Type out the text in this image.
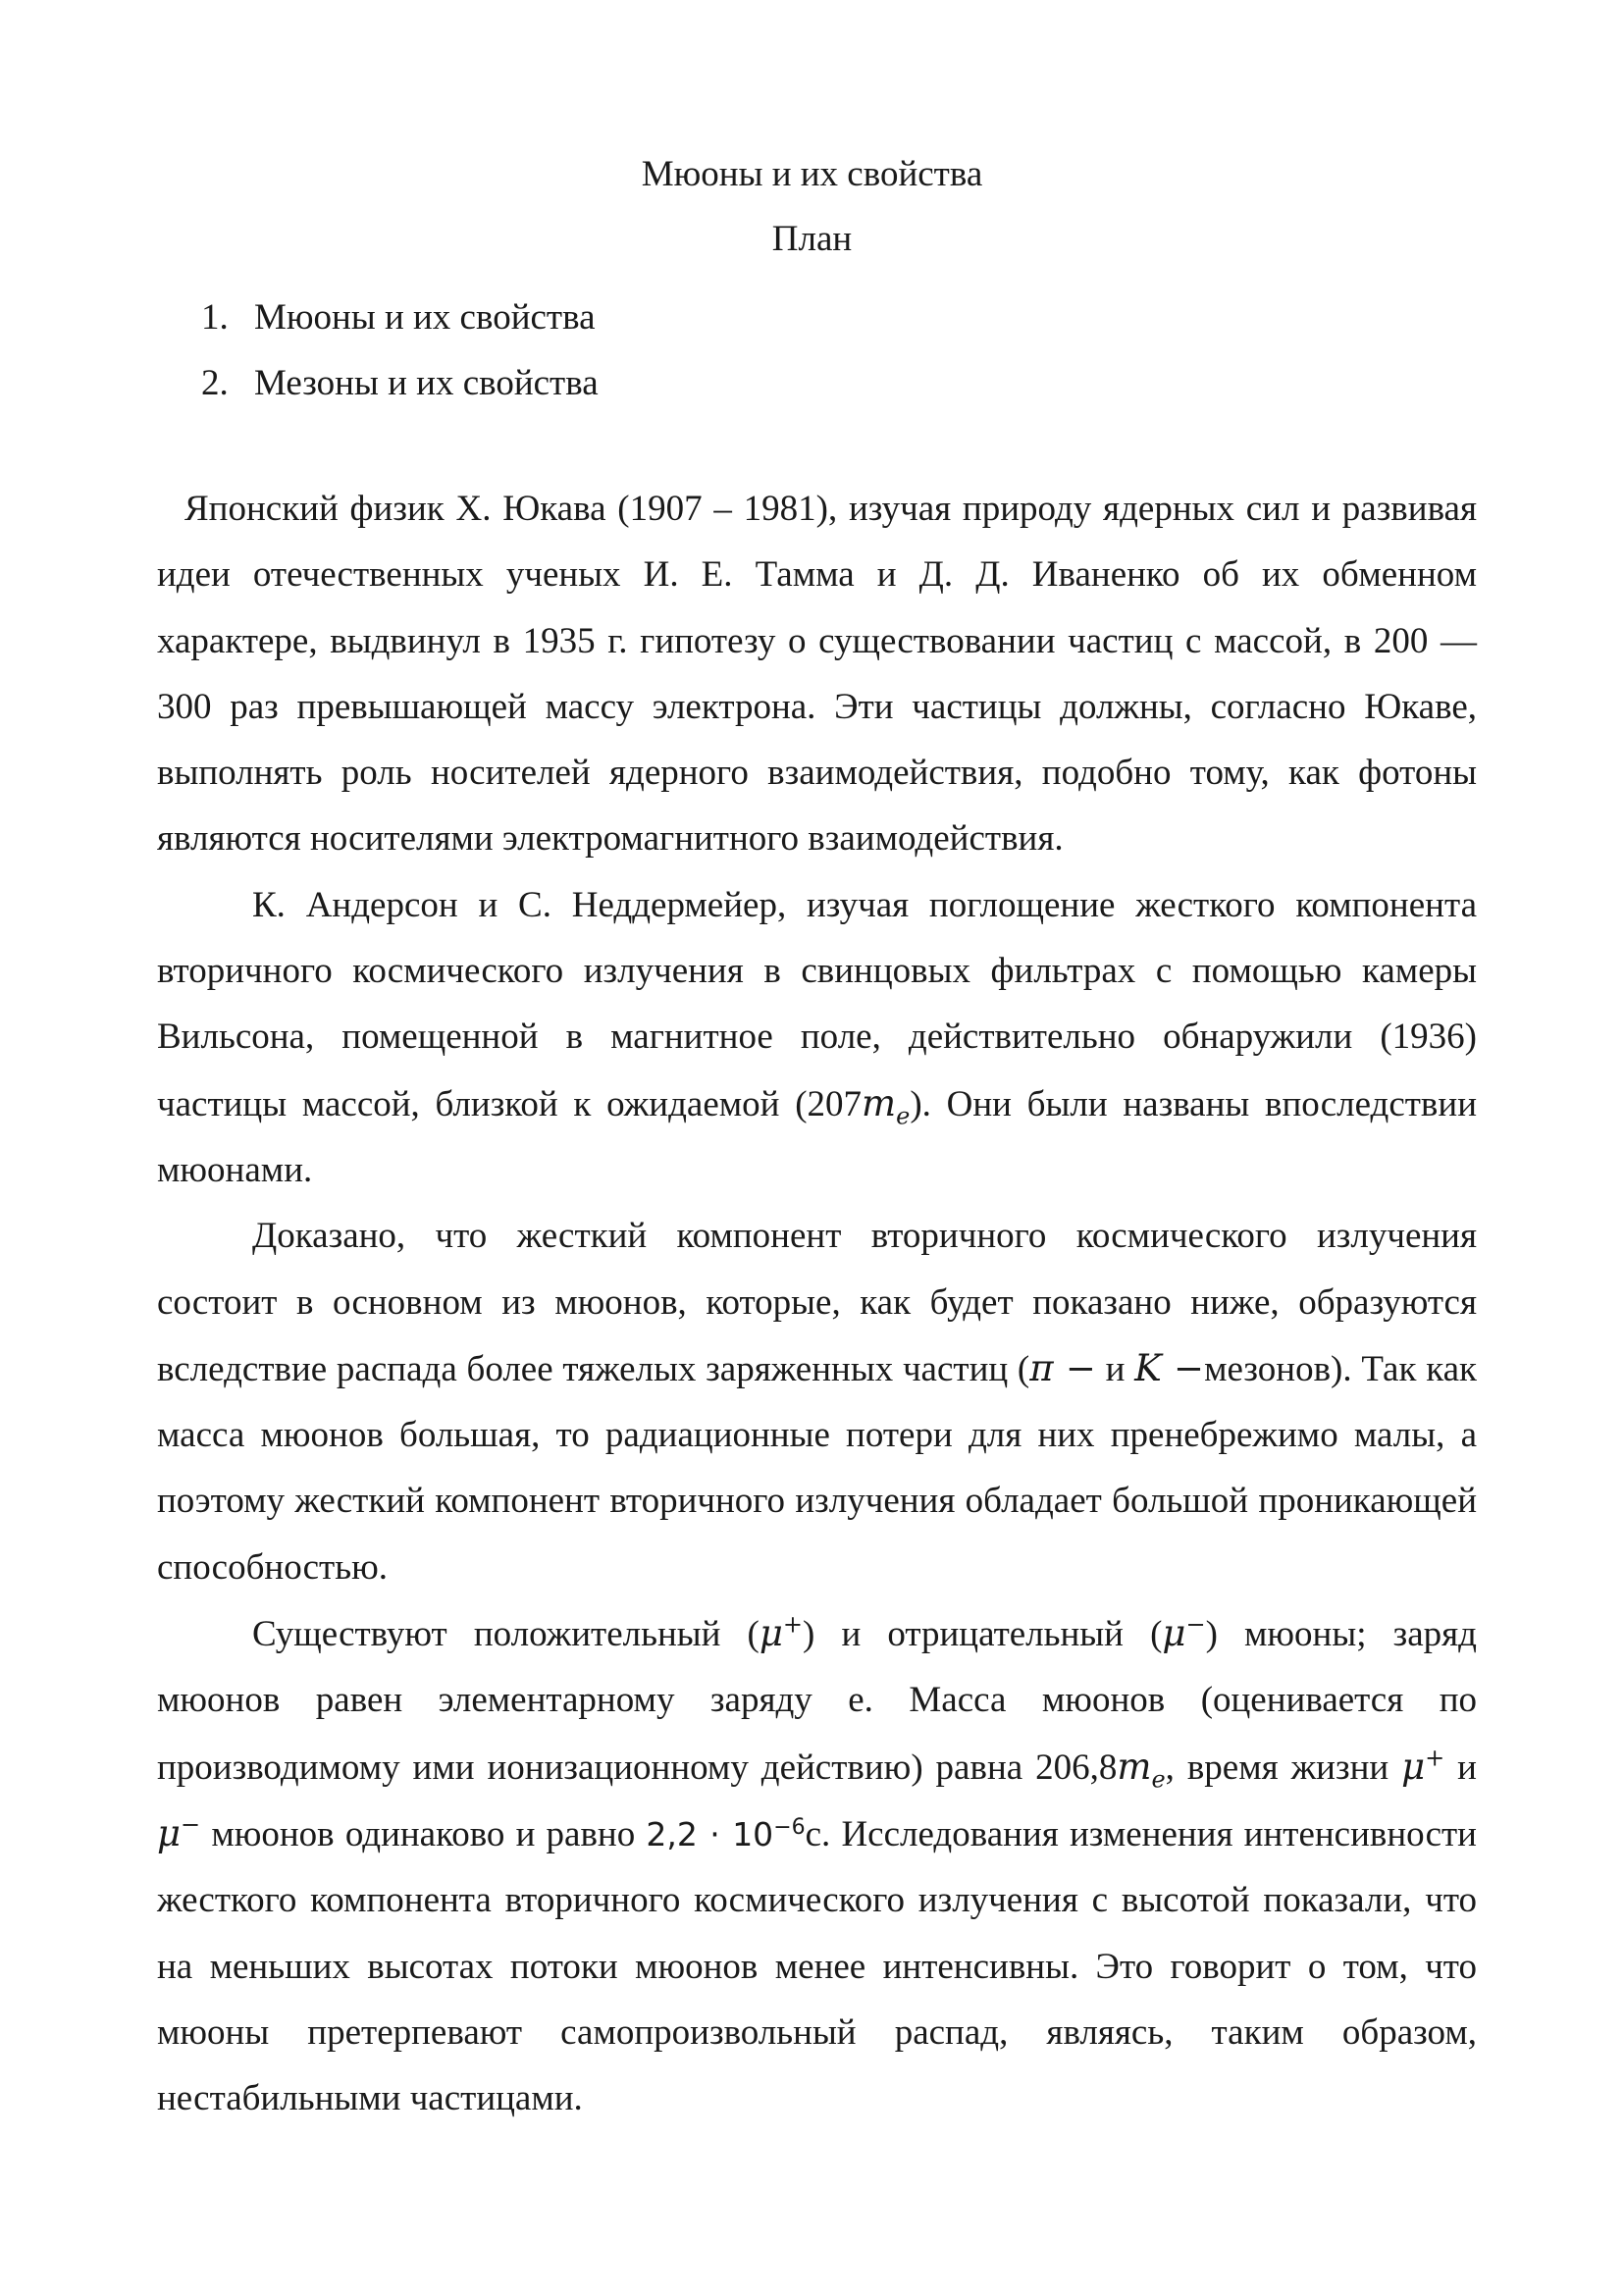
Мюоны и их свойства
План
1. Мюоны и их свойства
2. Мезоны и их свойства

Японский физик X. Юкава (1907 – 1981), изучая природу ядерных сил и развивая идеи отечественных ученых И. Е. Тамма и Д. Д. Иваненко об их обменном характере, выдвинул в 1935 г. гипотезу о существовании частиц с массой, в 200 — 300 раз превышающей массу электрона. Эти частицы должны, согласно Юкаве, выполнять роль носителей ядерного взаимодействия, подобно тому, как фотоны являются носителями электромагнитного взаимодействия.

К. Андерсон и С. Неддермейер, изучая поглощение жесткого компонента вторичного космического излучения в свинцовых фильтрах с помощью камеры Вильсона, помещенной в магнитное поле, действительно обнаружили (1936) частицы массой, близкой к ожидаемой $(207m_e)$. Они были названы впоследствии мюонами.

Доказано, что жесткий компонент вторичного космического излучения состоит в основном из мюонов, которые, как будет показано ниже, образуются вследствие распада более тяжелых заряженных частиц (π − и K −мезонов). Так как масса мюонов большая, то радиационные потери для них пренебрежимо малы, а поэтому жесткий компонент вторичного излучения обладает большой проникающей способностью.

Существуют положительный (μ+) и отрицательный (μ−) мюоны; заряд мюонов равен элементарному заряду e. Масса мюонов (оценивается по производимому ими ионизационному действию) равна $206,8m_e$, время жизни μ+ и μ− мюонов одинаково и равно $2,2 \cdot 10^{-6}с$. Исследования изменения интенсивности жесткого компонента вторичного космического излучения с высотой показали, что на меньших высотах потоки мюонов менее интенсивны. Это говорит о том, что мюоны претерпевают самопроизвольный распад, являясь, таким образом, нестабильными частицами.
